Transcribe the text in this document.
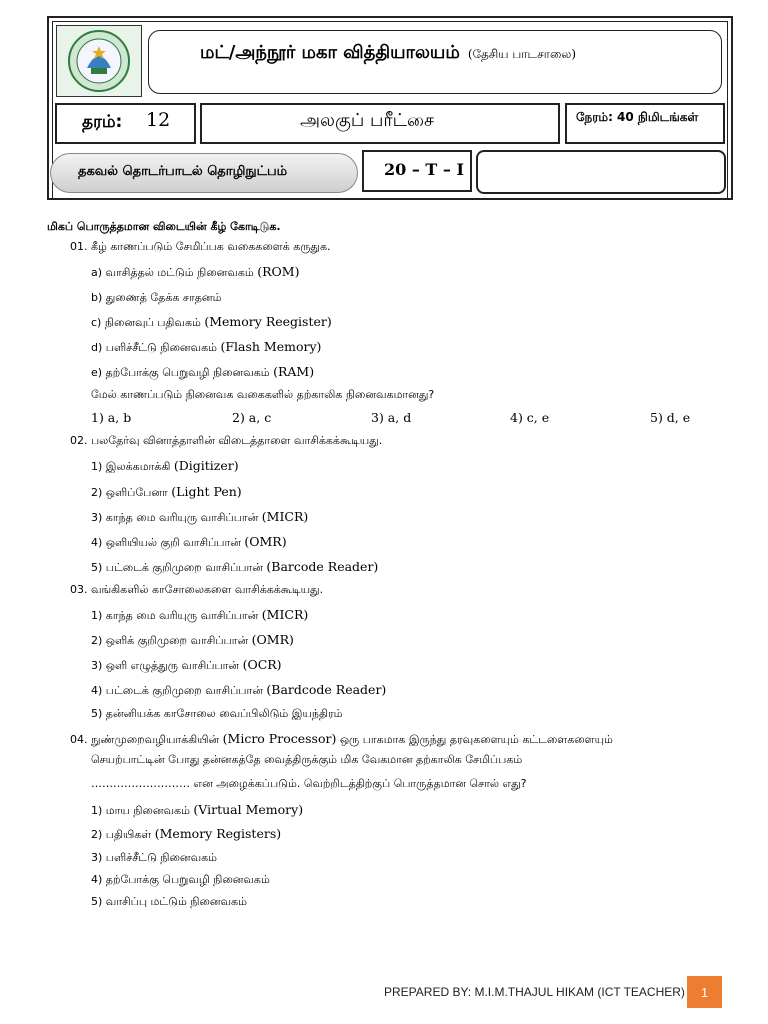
மட்/அந்நூர் மகா வித்தியாலயம் (தேசிய பாடசாலை)
தரம்: 12	அலகுப் பரீட்சை	நேரம்: 40 நிமிடங்கள்
தகவல் தொடர்பாடல் தொழிநுட்பம்	20 – T – I
மிகப் பொருத்தமான விடையின் கீழ் கோடிடுக.
01. கீழ் காணப்படும் சேமிப்பக வகைகளைக் கருதுக.
a) வாசித்தல் மட்டும் நினைவகம் (ROM)
b) துணைத் தேக்க சாதனம்
c) நினைவுப் பதிவகம் (Memory Reegister)
d) பளிச்சீட்டு நினைவகம் (Flash Memory)
e) தற்போக்கு பெறுவழி நினைவகம் (RAM)
மேல் காணப்படும் நினைவக வகைகளில் தற்காலிக நினைவகமானது?
1) a, b	2) a, c	3) a, d	4) c, e	5) d, e
02. பலதேர்வு வினாத்தாளின் விடைத்தாளை வாசிக்கக்கூடியது.
1) இலக்கமாக்கி (Digitizer)
2) ஒளிப்பேனா (Light Pen)
3) காந்த மை வரியுரு வாசிப்பான் (MICR)
4) ஒளியியல் குறி வாசிப்பான் (OMR)
5) பட்டைக் குறிமுறை வாசிப்பான் (Barcode Reader)
03. வங்கிகளில் காசோலைகளை வாசிக்கக்கூடியது.
1) காந்த மை வரியுரு வாசிப்பான் (MICR)
2) ஒளிக் குறிமுறை வாசிப்பான் (OMR)
3) ஒளி எழுத்துரு வாசிப்பான் (OCR)
4) பட்டைக் குறிமுறை வாசிப்பான் (Bardcode Reader)
5) தன்னியக்க காசோலை வைப்பிலிடும் இயந்திரம்
04. நுண்முறைவழியாக்கியின் (Micro Processor) ஒரு பாகமாக இருந்து தரவுகளையும் கட்டளைகளையும்
செயற்பாட்டின் போது தன்னகத்தே வைத்திருக்கும் மிக வேகமான தற்காலிக சேமிப்பகம்
……………………… என அழைக்கப்படும். வெற்றிடத்திற்குப் பொருத்தமான சொல் எது?
1) மாய நினைவகம் (Virtual Memory)
2) பதியிகள் (Memory Registers)
3) பளிச்சீட்டு நினைவகம்
4) தற்போக்கு பெறுவழி நினைவகம்
5) வாசிப்பு மட்டும் நினைவகம்
PREPARED BY: M.I.M.THAJUL HIKAM (ICT TEACHER)	1
